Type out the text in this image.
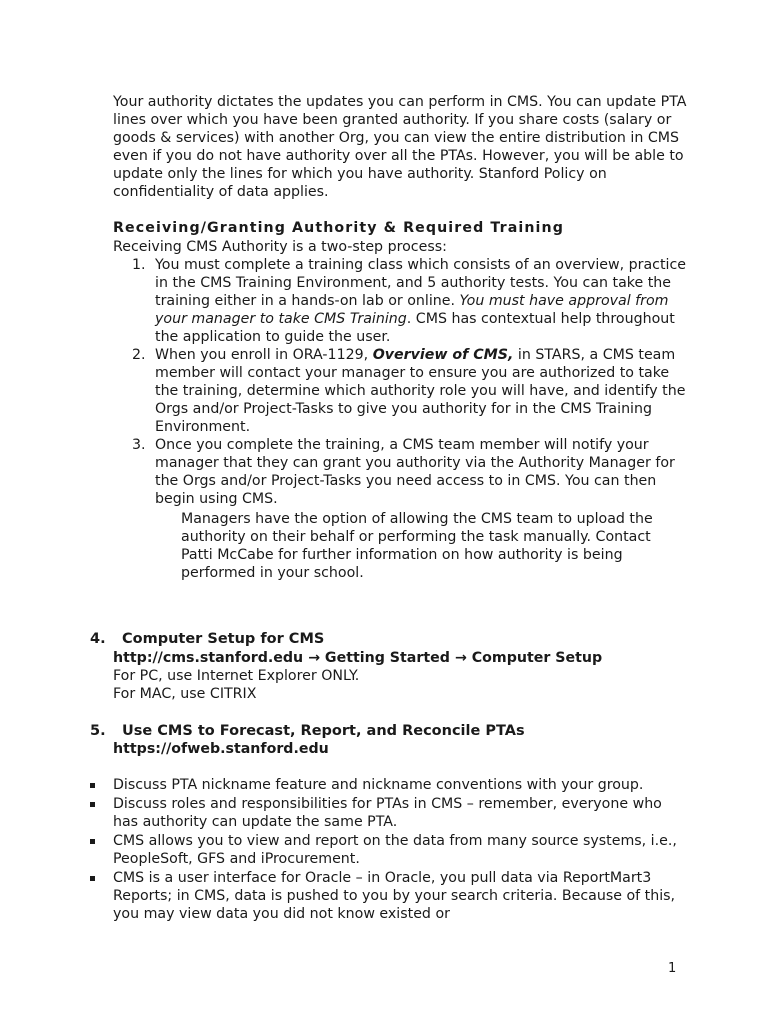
Your authority dictates the updates you can perform in CMS. You can update PTA lines over which you have been granted authority. If you share costs (salary or goods & services) with another Org, you can view the entire distribution in CMS even if you do not have authority over all the PTAs. However, you will be able to update only the lines for which you have authority. Stanford Policy on confidentiality of data applies.

Receiving/Granting Authority & Required Training

Receiving CMS Authority is a two-step process:

1. You must complete a training class which consists of an overview, practice in the CMS Training Environment, and 5 authority tests. You can take the training either in a hands-on lab or online. You must have approval from your manager to take CMS Training. CMS has contextual help throughout the application to guide the user.
2. When you enroll in ORA-1129, Overview of CMS, in STARS, a CMS team member will contact your manager to ensure you are authorized to take the training, determine which authority role you will have, and identify the Orgs and/or Project-Tasks to give you authority for in the CMS Training Environment.
3. Once you complete the training, a CMS team member will notify your manager that they can grant you authority via the Authority Manager for the Orgs and/or Project-Tasks you need access to in CMS. You can then begin using CMS.

Managers have the option of allowing the CMS team to upload the authority on their behalf or performing the task manually. Contact Patti McCabe for further information on how authority is being performed in your school.

4. Computer Setup for CMS

http://cms.stanford.edu → Getting Started → Computer Setup

For PC, use Internet Explorer ONLY.

For MAC, use CITRIX

5. Use CMS to Forecast, Report, and Reconcile PTAs

https://ofweb.stanford.edu

Discuss PTA nickname feature and nickname conventions with your group.
Discuss roles and responsibilities for PTAs in CMS – remember, everyone who has authority can update the same PTA.
CMS allows you to view and report on the data from many source systems, i.e., PeopleSoft, GFS and iProcurement.
CMS is a user interface for Oracle – in Oracle, you pull data via ReportMart3 Reports; in CMS, data is pushed to you by your search criteria. Because of this, you may view data you did not know existed or

1
